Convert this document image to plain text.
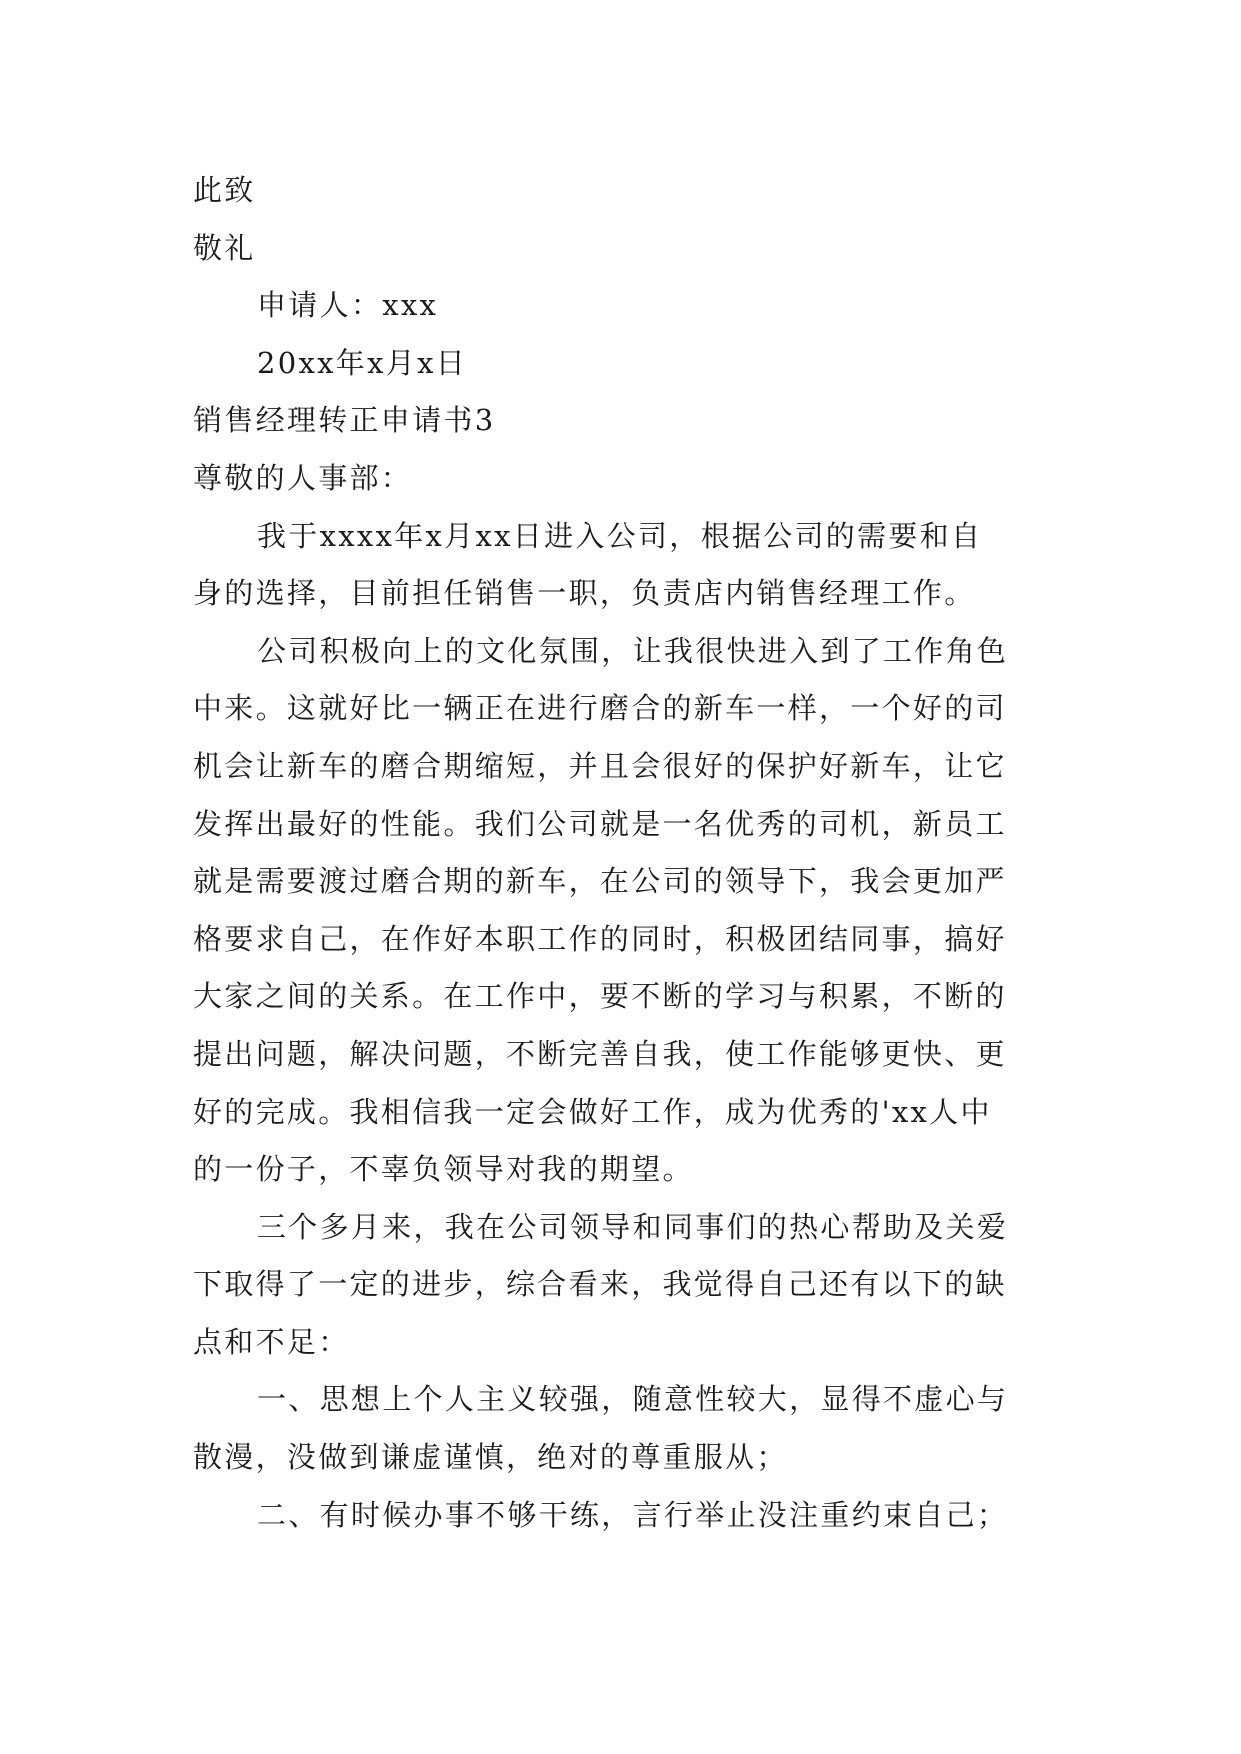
此致
敬礼
申请人：xxx
20xx年x月x日
销售经理转正申请书3
尊敬的人事部：
我于xxxx年x月xx日进入公司，根据公司的需要和自
身的选择，目前担任销售一职，负责店内销售经理工作。
公司积极向上的文化氛围，让我很快进入到了工作角色
中来。这就好比一辆正在进行磨合的新车一样，一个好的司
机会让新车的磨合期缩短，并且会很好的保护好新车，让它
发挥出最好的性能。我们公司就是一名优秀的司机，新员工
就是需要渡过磨合期的新车，在公司的领导下，我会更加严
格要求自己，在作好本职工作的同时，积极团结同事，搞好
大家之间的关系。在工作中，要不断的学习与积累，不断的
提出问题，解决问题，不断完善自我，使工作能够更快、更
好的完成。我相信我一定会做好工作，成为优秀的'xx人中
的一份子，不辜负领导对我的期望。
三个多月来，我在公司领导和同事们的热心帮助及关爱
下取得了一定的进步，综合看来，我觉得自己还有以下的缺
点和不足：
一、思想上个人主义较强，随意性较大，显得不虚心与
散漫，没做到谦虚谨慎，绝对的尊重服从；
二、有时候办事不够干练，言行举止没注重约束自己；
